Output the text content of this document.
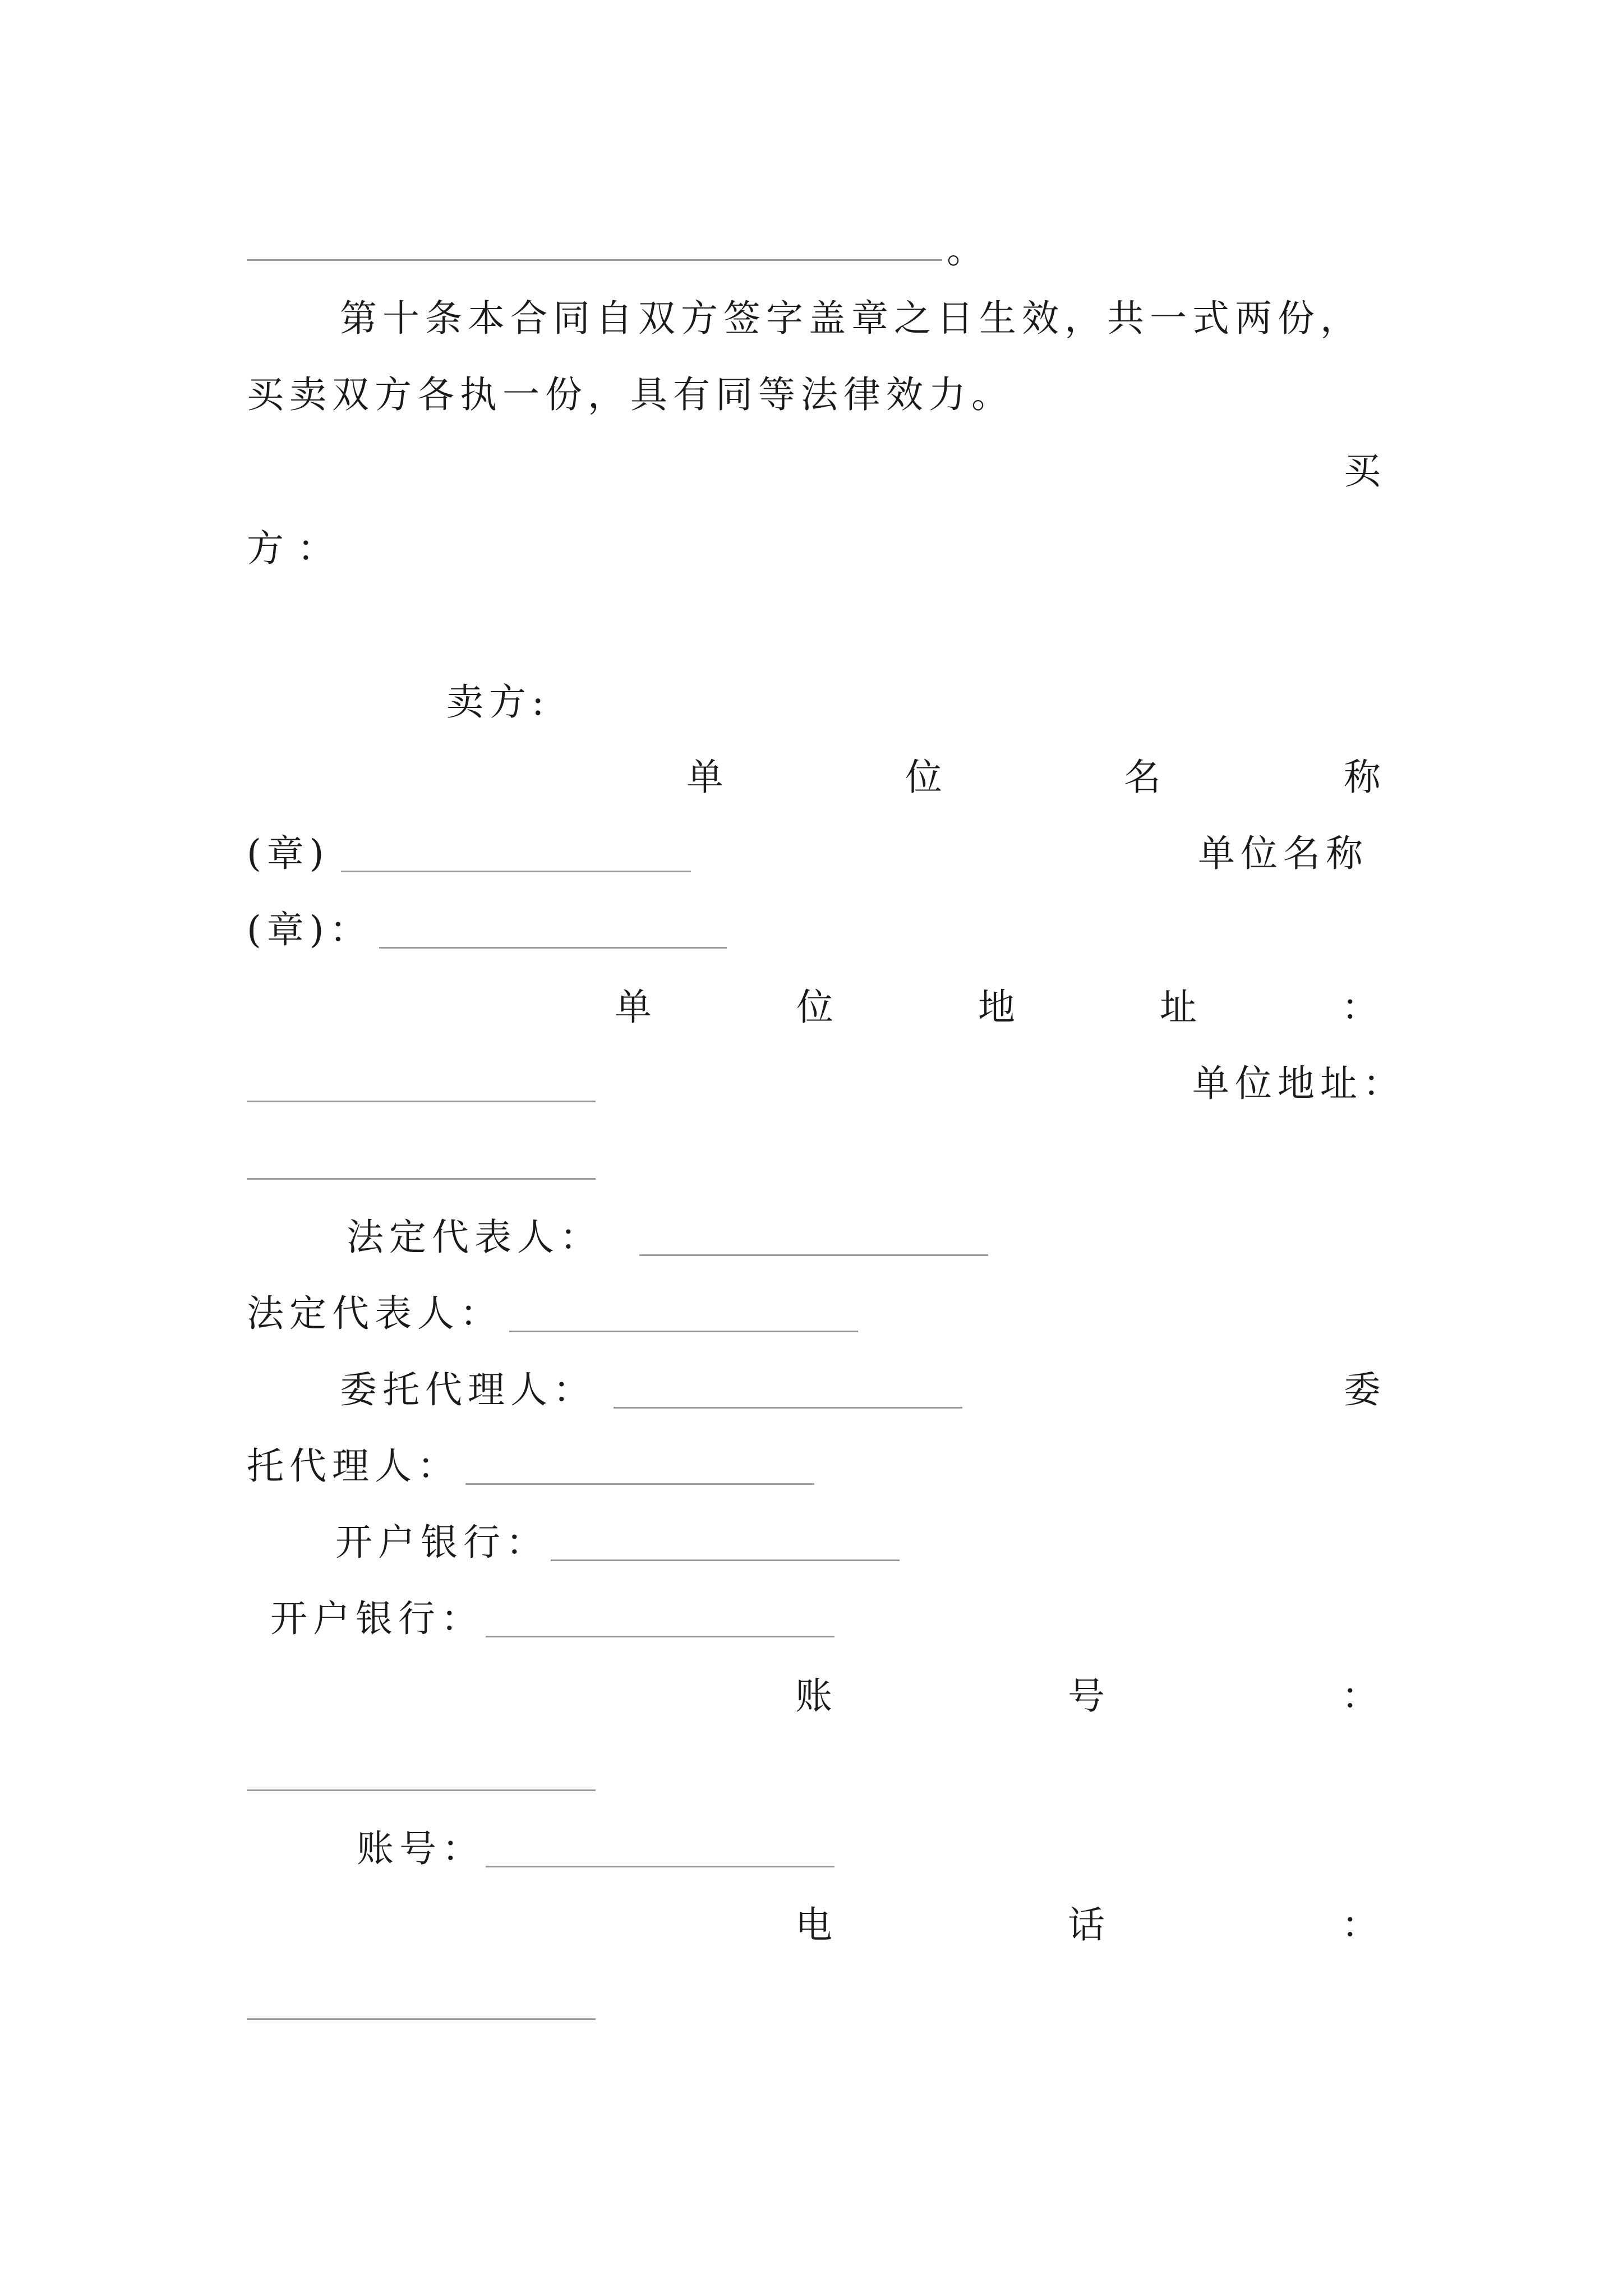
。
第十条本合同自双方签字盖章之日生效，共一式两份，
买卖双方各执一份，具有同等法律效力。
买
方 ：
卖方:
单	位	名	称
(章)	单位名称
(章)：
单	位	地	址	：
单位地址：
法定代表人：
法定代表人：
委托代理人：	委
托代理人：
开户银行：
开户银行：
账	号	：
账号：
电	话	：
